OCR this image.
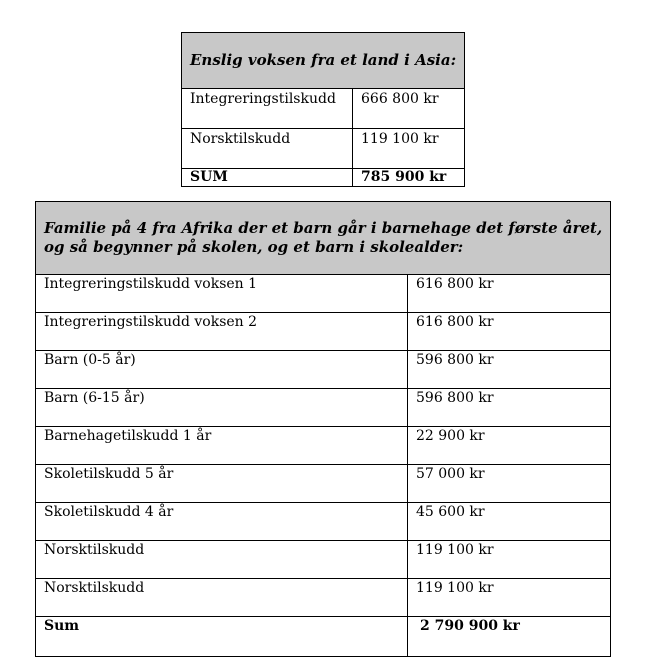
Enslig voksen fra et land i Asia:	
Integreringstilskudd	666 800 kr
Norsktilskudd	119 100 kr
SUM	785 900 kr
Familie på 4 fra Afrika der et barn går i barnehage det første året, og så begynner på skolen, og et barn i skolealder:	
Integreringstilskudd voksen 1	616 800 kr
Integreringstilskudd voksen 2	616 800 kr
Barn (0-5 år)	596 800 kr
Barn (6-15 år)	596 800 kr
Barnehagetilskudd 1 år	22 900 kr
Skoletilskudd 5 år	57 000 kr
Skoletilskudd 4 år	45 600 kr
Norsktilskudd	119 100 kr
Norsktilskudd	119 100 kr
Sum	2 790 900 kr
